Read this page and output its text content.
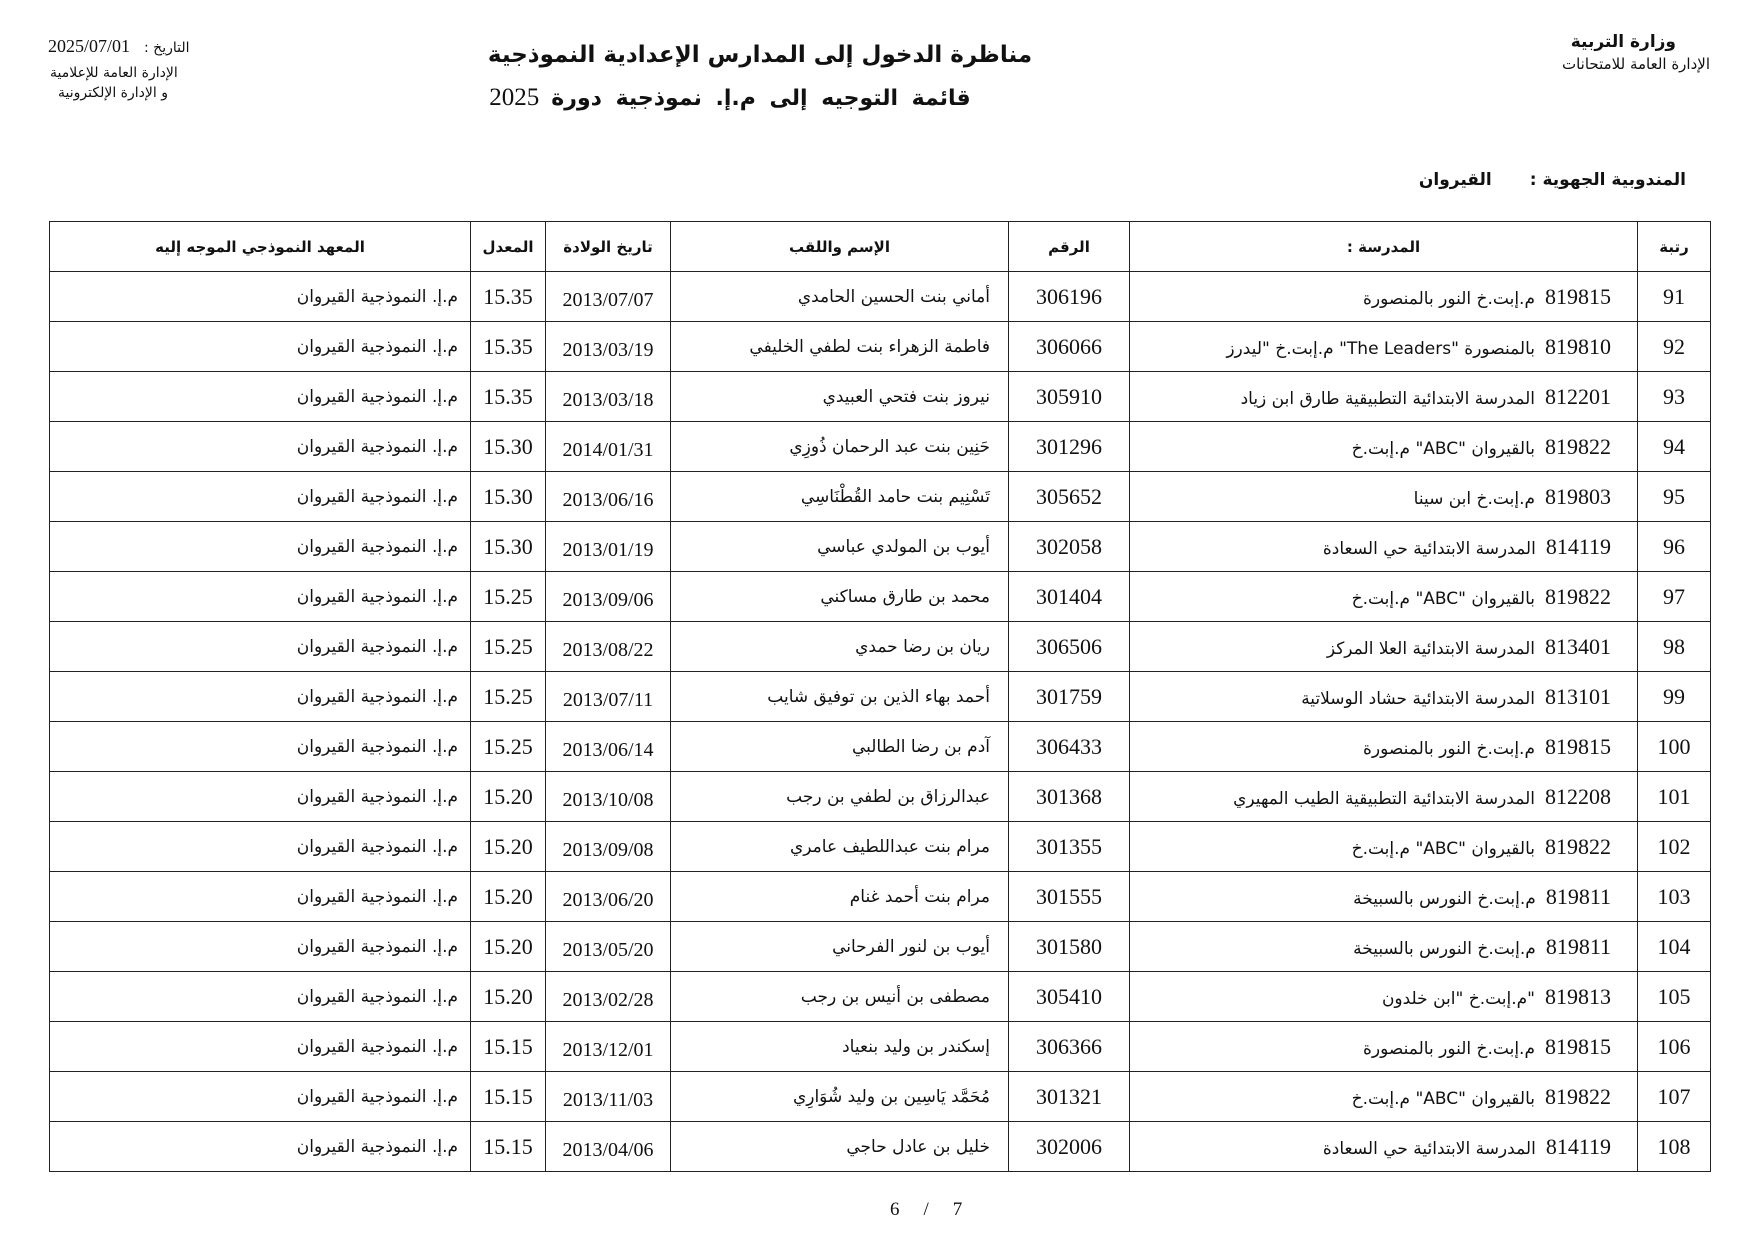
وزارة التربية
الإدارة العامة للامتحانات
مناظرة الدخول إلى المدارس الإعدادية النموذجية
قائمة التوجيه إلى م.إ. نموذجية دورة2025
التاريخ :2025/07/01
الإدارة العامة للإعلامية
و الإدارة الإلكترونية
المندوبية الجهوية :القيروان
رتبة	المدرسة :	الرقم	الإسم واللقب	تاريخ الولادة	المعدل	المعهد النموذجي الموجه إليه
91	819815م.إبت.خ النور بالمنصورة	306196	أماني بنت الحسين الحامدي	2013/07/07	15.35	م.إ. النموذجية القيروان
92	819810بالمنصورة "The Leaders" م.إبت.خ "ليدرز	306066	فاطمة الزهراء بنت لطفي الخليفي	2013/03/19	15.35	م.إ. النموذجية القيروان
93	812201المدرسة الابتدائية التطبيقية طارق ابن زياد	305910	نيروز بنت فتحي العبيدي	2013/03/18	15.35	م.إ. النموذجية القيروان
94	819822بالقيروان "ABC" م.إبت.خ	301296	حَنِين بنت عبد الرحمان ذُوزِي	2014/01/31	15.30	م.إ. النموذجية القيروان
95	819803م.إبت.خ ابن سينا	305652	تَسْنِيم بنت حامد القُطْنَاسِي	2013/06/16	15.30	م.إ. النموذجية القيروان
96	814119المدرسة الابتدائية حي السعادة	302058	أيوب بن المولدي عباسي	2013/01/19	15.30	م.إ. النموذجية القيروان
97	819822بالقيروان "ABC" م.إبت.خ	301404	محمد بن طارق مساكني	2013/09/06	15.25	م.إ. النموذجية القيروان
98	813401المدرسة الابتدائية العلا المركز	306506	ريان بن رضا حمدي	2013/08/22	15.25	م.إ. النموذجية القيروان
99	813101المدرسة الابتدائية حشاد الوسلاتية	301759	أحمد بهاء الذين بن توفيق شايب	2013/07/11	15.25	م.إ. النموذجية القيروان
100	819815م.إبت.خ النور بالمنصورة	306433	آدم بن رضا الطالبي	2013/06/14	15.25	م.إ. النموذجية القيروان
101	812208المدرسة الابتدائية التطبيقية الطيب المهيري	301368	عبدالرزاق بن لطفي بن رجب	2013/10/08	15.20	م.إ. النموذجية القيروان
102	819822بالقيروان "ABC" م.إبت.خ	301355	مرام بنت عبداللطيف عامري	2013/09/08	15.20	م.إ. النموذجية القيروان
103	819811م.إبت.خ النورس بالسبيخة	301555	مرام بنت أحمد غنام	2013/06/20	15.20	م.إ. النموذجية القيروان
104	819811م.إبت.خ النورس بالسبيخة	301580	أيوب بن لنور الفرحاني	2013/05/20	15.20	م.إ. النموذجية القيروان
105	819813"م.إبت.خ "ابن خلدون	305410	مصطفى بن أنيس بن رجب	2013/02/28	15.20	م.إ. النموذجية القيروان
106	819815م.إبت.خ النور بالمنصورة	306366	إسكندر بن وليد بنعياد	2013/12/01	15.15	م.إ. النموذجية القيروان
107	819822بالقيروان "ABC" م.إبت.خ	301321	مُحَمَّد يَاسِين بن وليد شُوَارِي	2013/11/03	15.15	م.إ. النموذجية القيروان
108	814119المدرسة الابتدائية حي السعادة	302006	خليل بن عادل حاجي	2013/04/06	15.15	م.إ. النموذجية القيروان
6 / 7
